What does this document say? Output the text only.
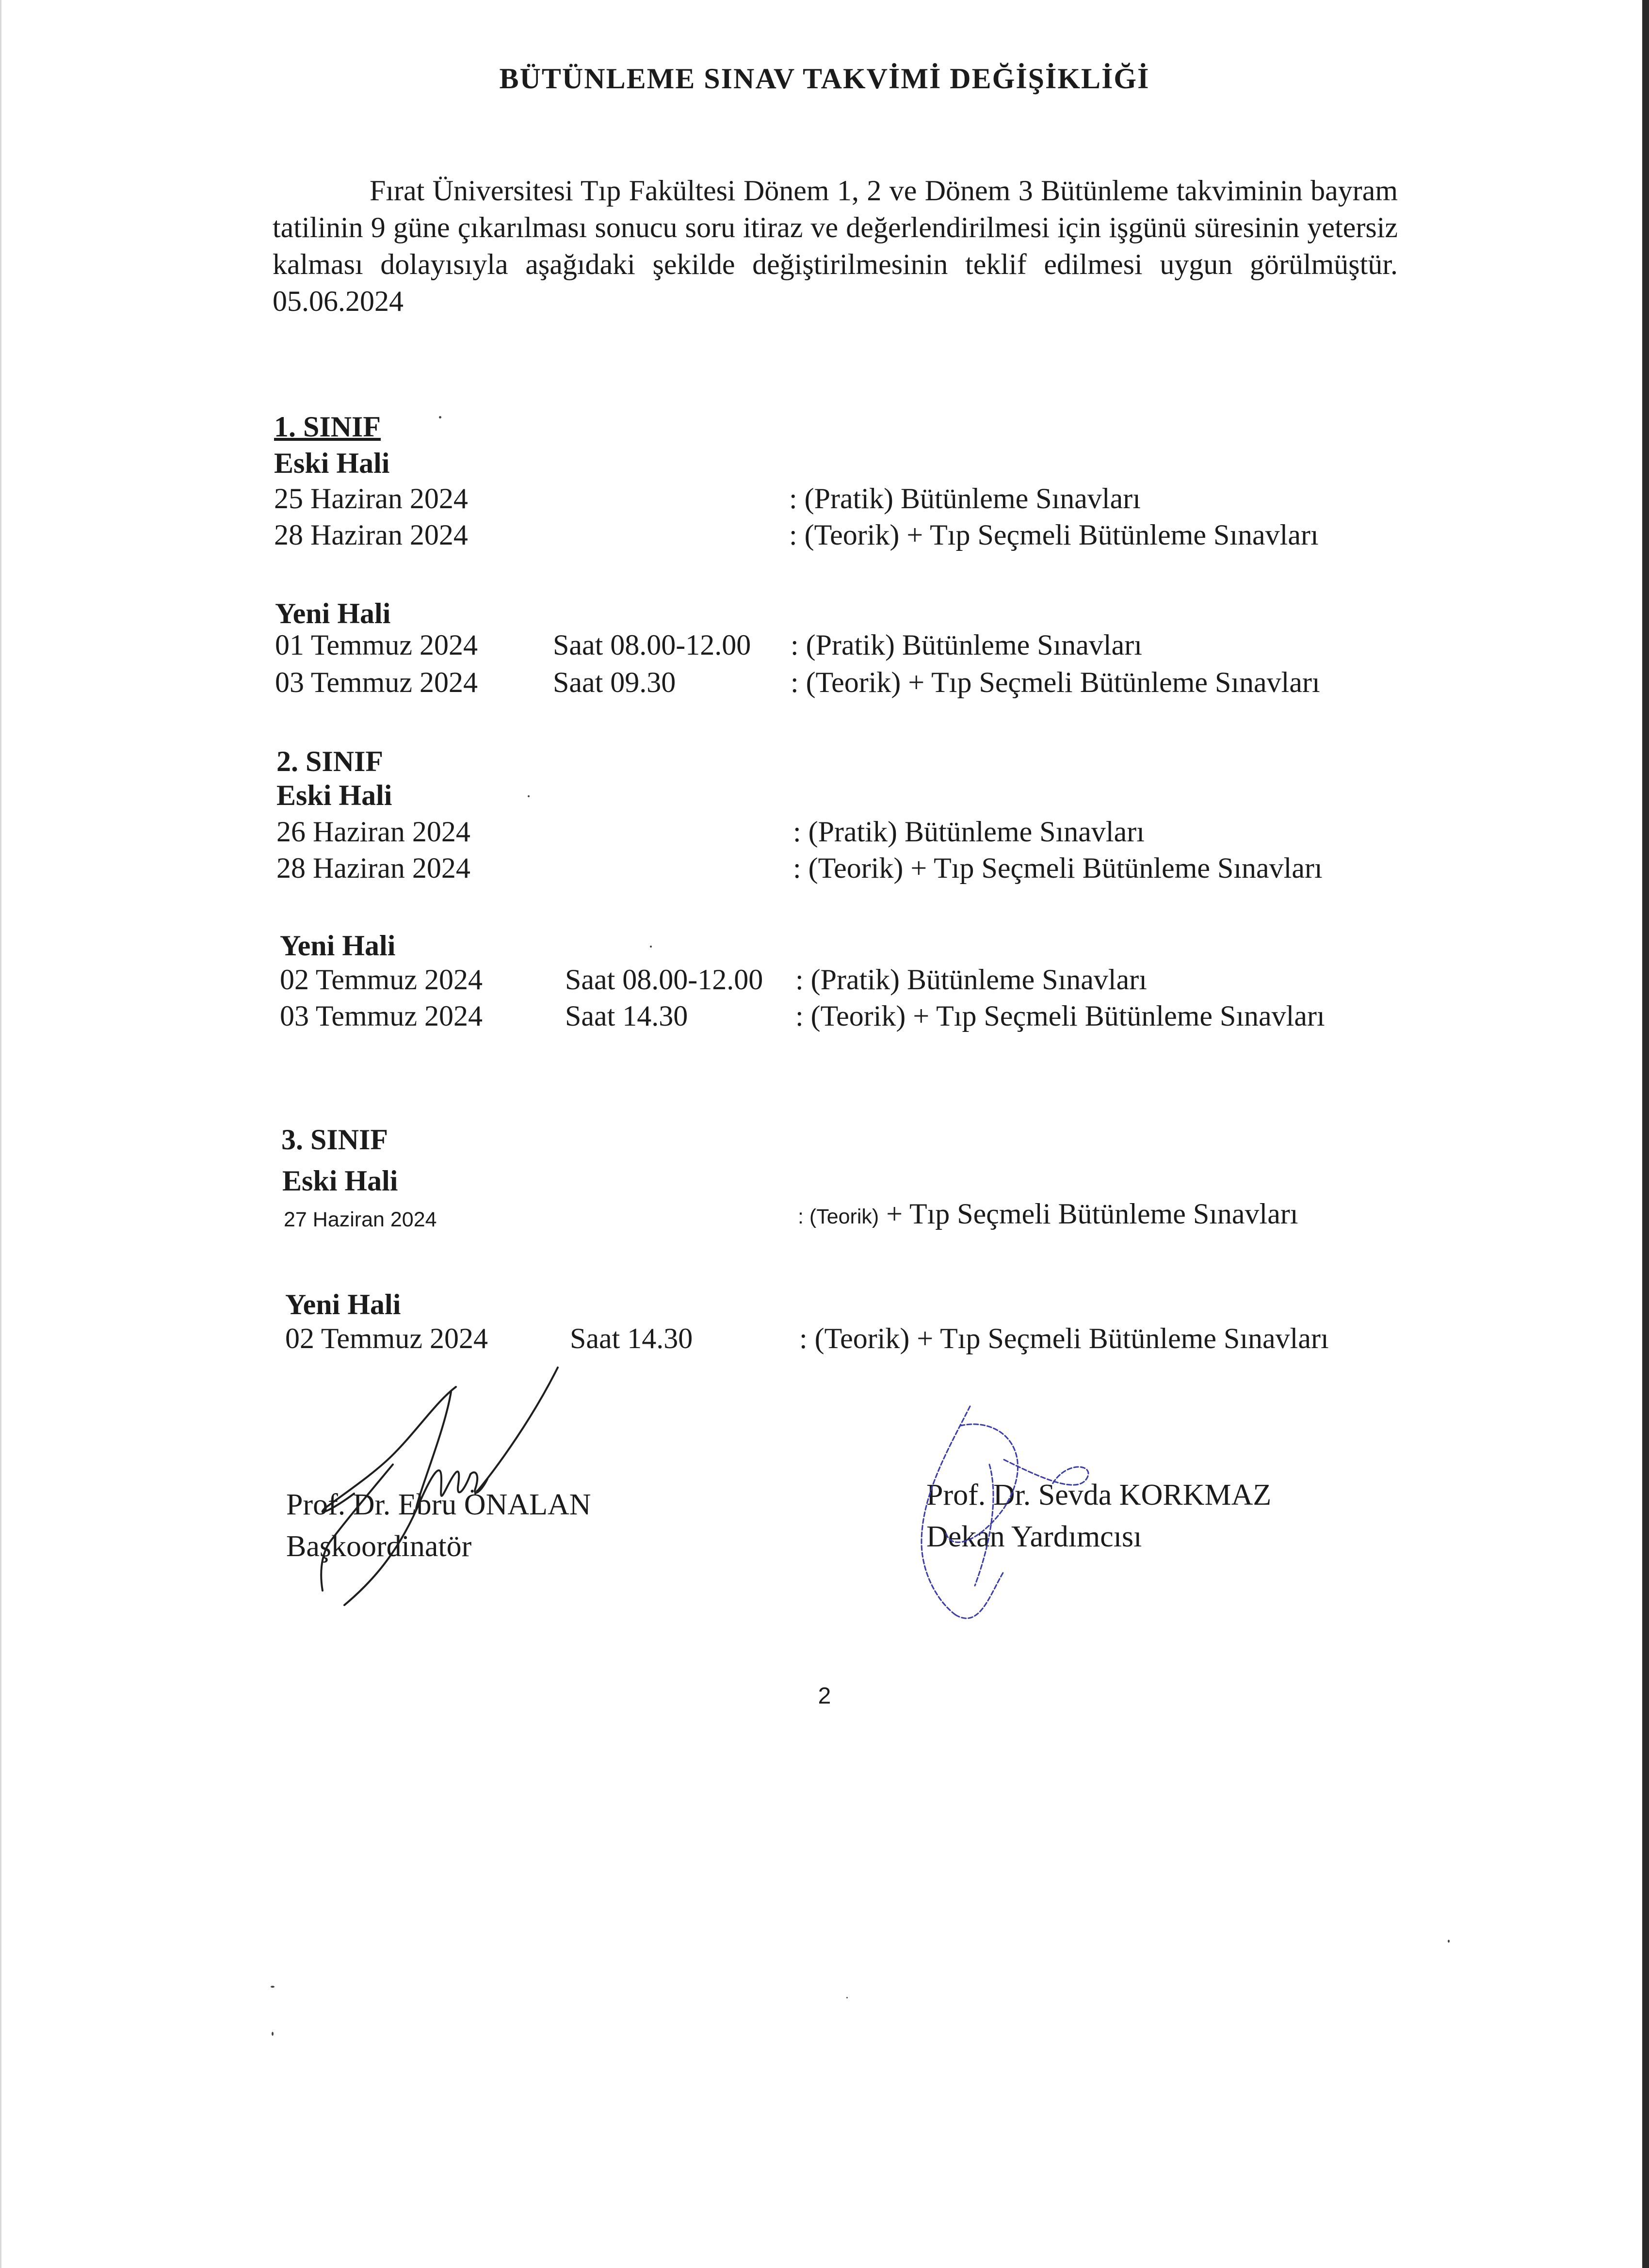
BÜTÜNLEME SINAV TAKVİMİ DEĞİŞİKLİĞİ
Fırat Üniversitesi Tıp Fakültesi Dönem 1, 2 ve Dönem 3 Bütünleme takviminin bayram tatilinin 9 güne çıkarılması sonucu soru itiraz ve değerlendirilmesi için işgünü süresinin yetersiz kalması dolayısıyla aşağıdaki şekilde değiştirilmesinin teklif edilmesi uygun görülmüştür. 05.06.2024
1. SINIF
Eski Hali
25 Haziran 2024	: (Pratik) Bütünleme Sınavları
28 Haziran 2024	: (Teorik) + Tıp Seçmeli Bütünleme Sınavları
Yeni Hali
01 Temmuz 2024	Saat 08.00-12.00 : (Pratik) Bütünleme Sınavları
03 Temmuz 2024	Saat 09.30	: (Teorik) + Tıp Seçmeli Bütünleme Sınavları
2. SINIF
Eski Hali
26 Haziran 2024	: (Pratik) Bütünleme Sınavları
28 Haziran 2024	: (Teorik) + Tıp Seçmeli Bütünleme Sınavları
Yeni Hali
02 Temmuz 2024	Saat 08.00-12.00 : (Pratik) Bütünleme Sınavları
03 Temmuz 2024	Saat 14.30	: (Teorik) + Tıp Seçmeli Bütünleme Sınavları
3. SINIF
Eski Hali
27 Haziran 2024	: (Teorik) + Tıp Seçmeli Bütünleme Sınavları
Yeni Hali
02 Temmuz 2024	Saat 14.30	: (Teorik) + Tıp Seçmeli Bütünleme Sınavları
Prof. Dr. Ebru ÖNALAN
Başkoordinatör
Prof. Dr. Sevda KORKMAZ
Dekan Yardımcısı
2
